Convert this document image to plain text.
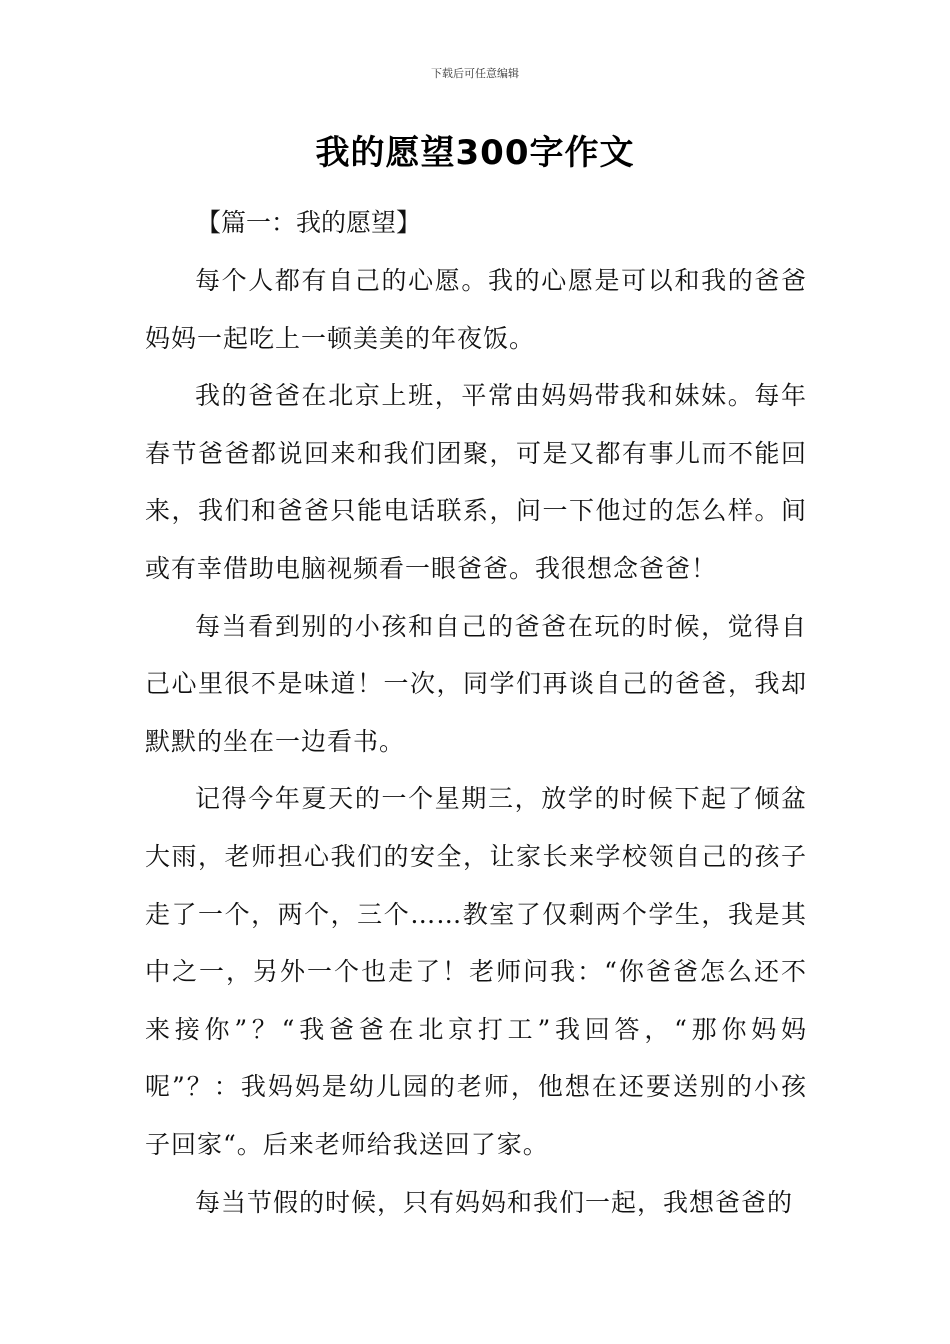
下载后可任意编辑
我的愿望300字作文
【篇一：我的愿望】

每个人都有自己的心愿。我的心愿是可以和我的爸爸妈妈一起吃上一顿美美的年夜饭。

我的爸爸在北京上班，平常由妈妈带我和妹妹。每年春节爸爸都说回来和我们团聚，可是又都有事儿而不能回来，我们和爸爸只能电话联系，问一下他过的怎么样。间或有幸借助电脑视频看一眼爸爸。我很想念爸爸！

每当看到别的小孩和自己的爸爸在玩的时候，觉得自己心里很不是味道！一次，同学们再谈自己的爸爸，我却默默的坐在一边看书。

记得今年夏天的一个星期三，放学的时候下起了倾盆大雨，老师担心我们的安全，让家长来学校领自己的孩子走了一个，两个，三个……教室了仅剩两个学生，我是其中之一，另外一个也走了！老师问我：“你爸爸怎么还不来接你”？“我爸爸在北京打工”我回答，“那你妈妈呢”？：我妈妈是幼儿园的老师，他想在还要送别的小孩子回家“。后来老师给我送回了家。

每当节假的时候，只有妈妈和我们一起，我想爸爸的
